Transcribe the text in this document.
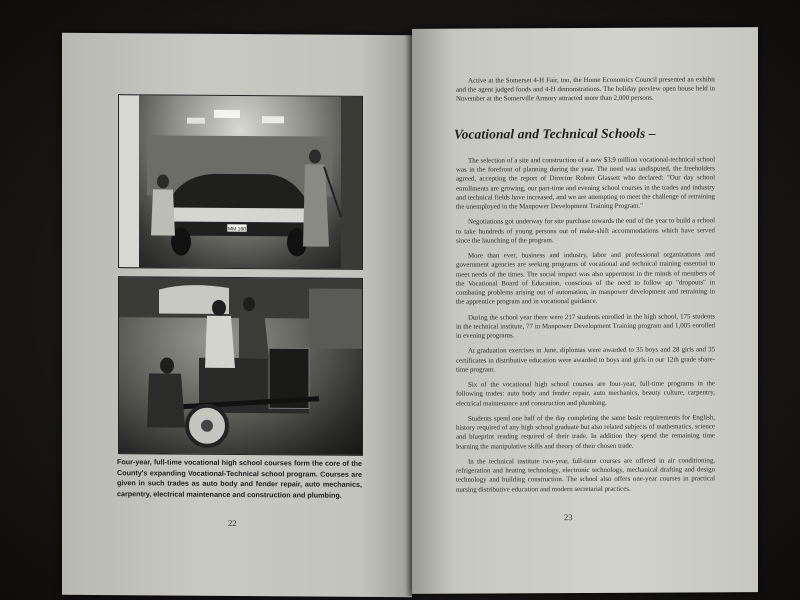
MM 160
Four-year, full-time vocational high school courses form the core of the County's expanding Vocational-Technical school program. Courses are given in such trades as auto body and fender repair, auto mechanics, carpentry, electrical maintenance and construction and plumbing.
22

Active at the Somerset 4-H Fair, too, the Home Economics Council presented an exhibit and the agent judged foods and 4-H demonstrations. The holiday preview open house held in November at the Somerville Armory attracted more than 2,000 persons.

Vocational and Technical Schools –

The selection of a site and construction of a new $3.9 million vocational-technical school was in the forefront of planning during the year. The need was undisputed, the freeholders agreed, accepting the report of Director Robert Glassett who declared: "Our day school enrollments are growing, our part-time and evening school courses in the trades and industry and technical fields have increased, and we are attempting to meet the challenge of retraining the unemployed in the Manpower Development Training Program."

Negotiations got underway for site purchase towards the end of the year to build a school to take hundreds of young persons out of make-shift accommodations which have served since the launching of the program.

More than ever, business and industry, labor and professional organizations and government agencies are seeking programs of vocational and technical training essential to meet needs of the times. The social impact was also uppermost in the minds of members of the Vocational Board of Education, conscious of the need to follow up "dropouts" in combating problems arising out of automation, in manpower development and retraining in the apprentice program and in vocational guidance.

During the school year there were 217 students enrolled in the high school, 175 students in the technical institute, 77 in Manpower Development Training program and 1,005 enrolled in evening programs.

At graduation exercises in June, diplomas were awarded to 35 boys and 28 girls and 35 certificates in distributive education were awarded to boys and girls in our 12th grade share-time program.

Six of the vocational high school courses are four-year, full-time programs in the following trades: auto body and fender repair, auto mechanics, beauty culture, carpentry, electrical maintenance and construction and plumbing.

Students spend one half of the day completing the same basic requirements for English, history required of any high school graduate but also related subjects of mathematics, science and blueprint reading required of their trade. In addition they spend the remaining time learning the manipulative skills and theory of their chosen trade.

In the technical institute two-year, full-time courses are offered in air conditioning, refrigeration and heating technology, electronic technology, mechanical drafting and design technology and building construction. The school also offers one-year courses in practical nursing distributive education and modern secretarial practices.

23
